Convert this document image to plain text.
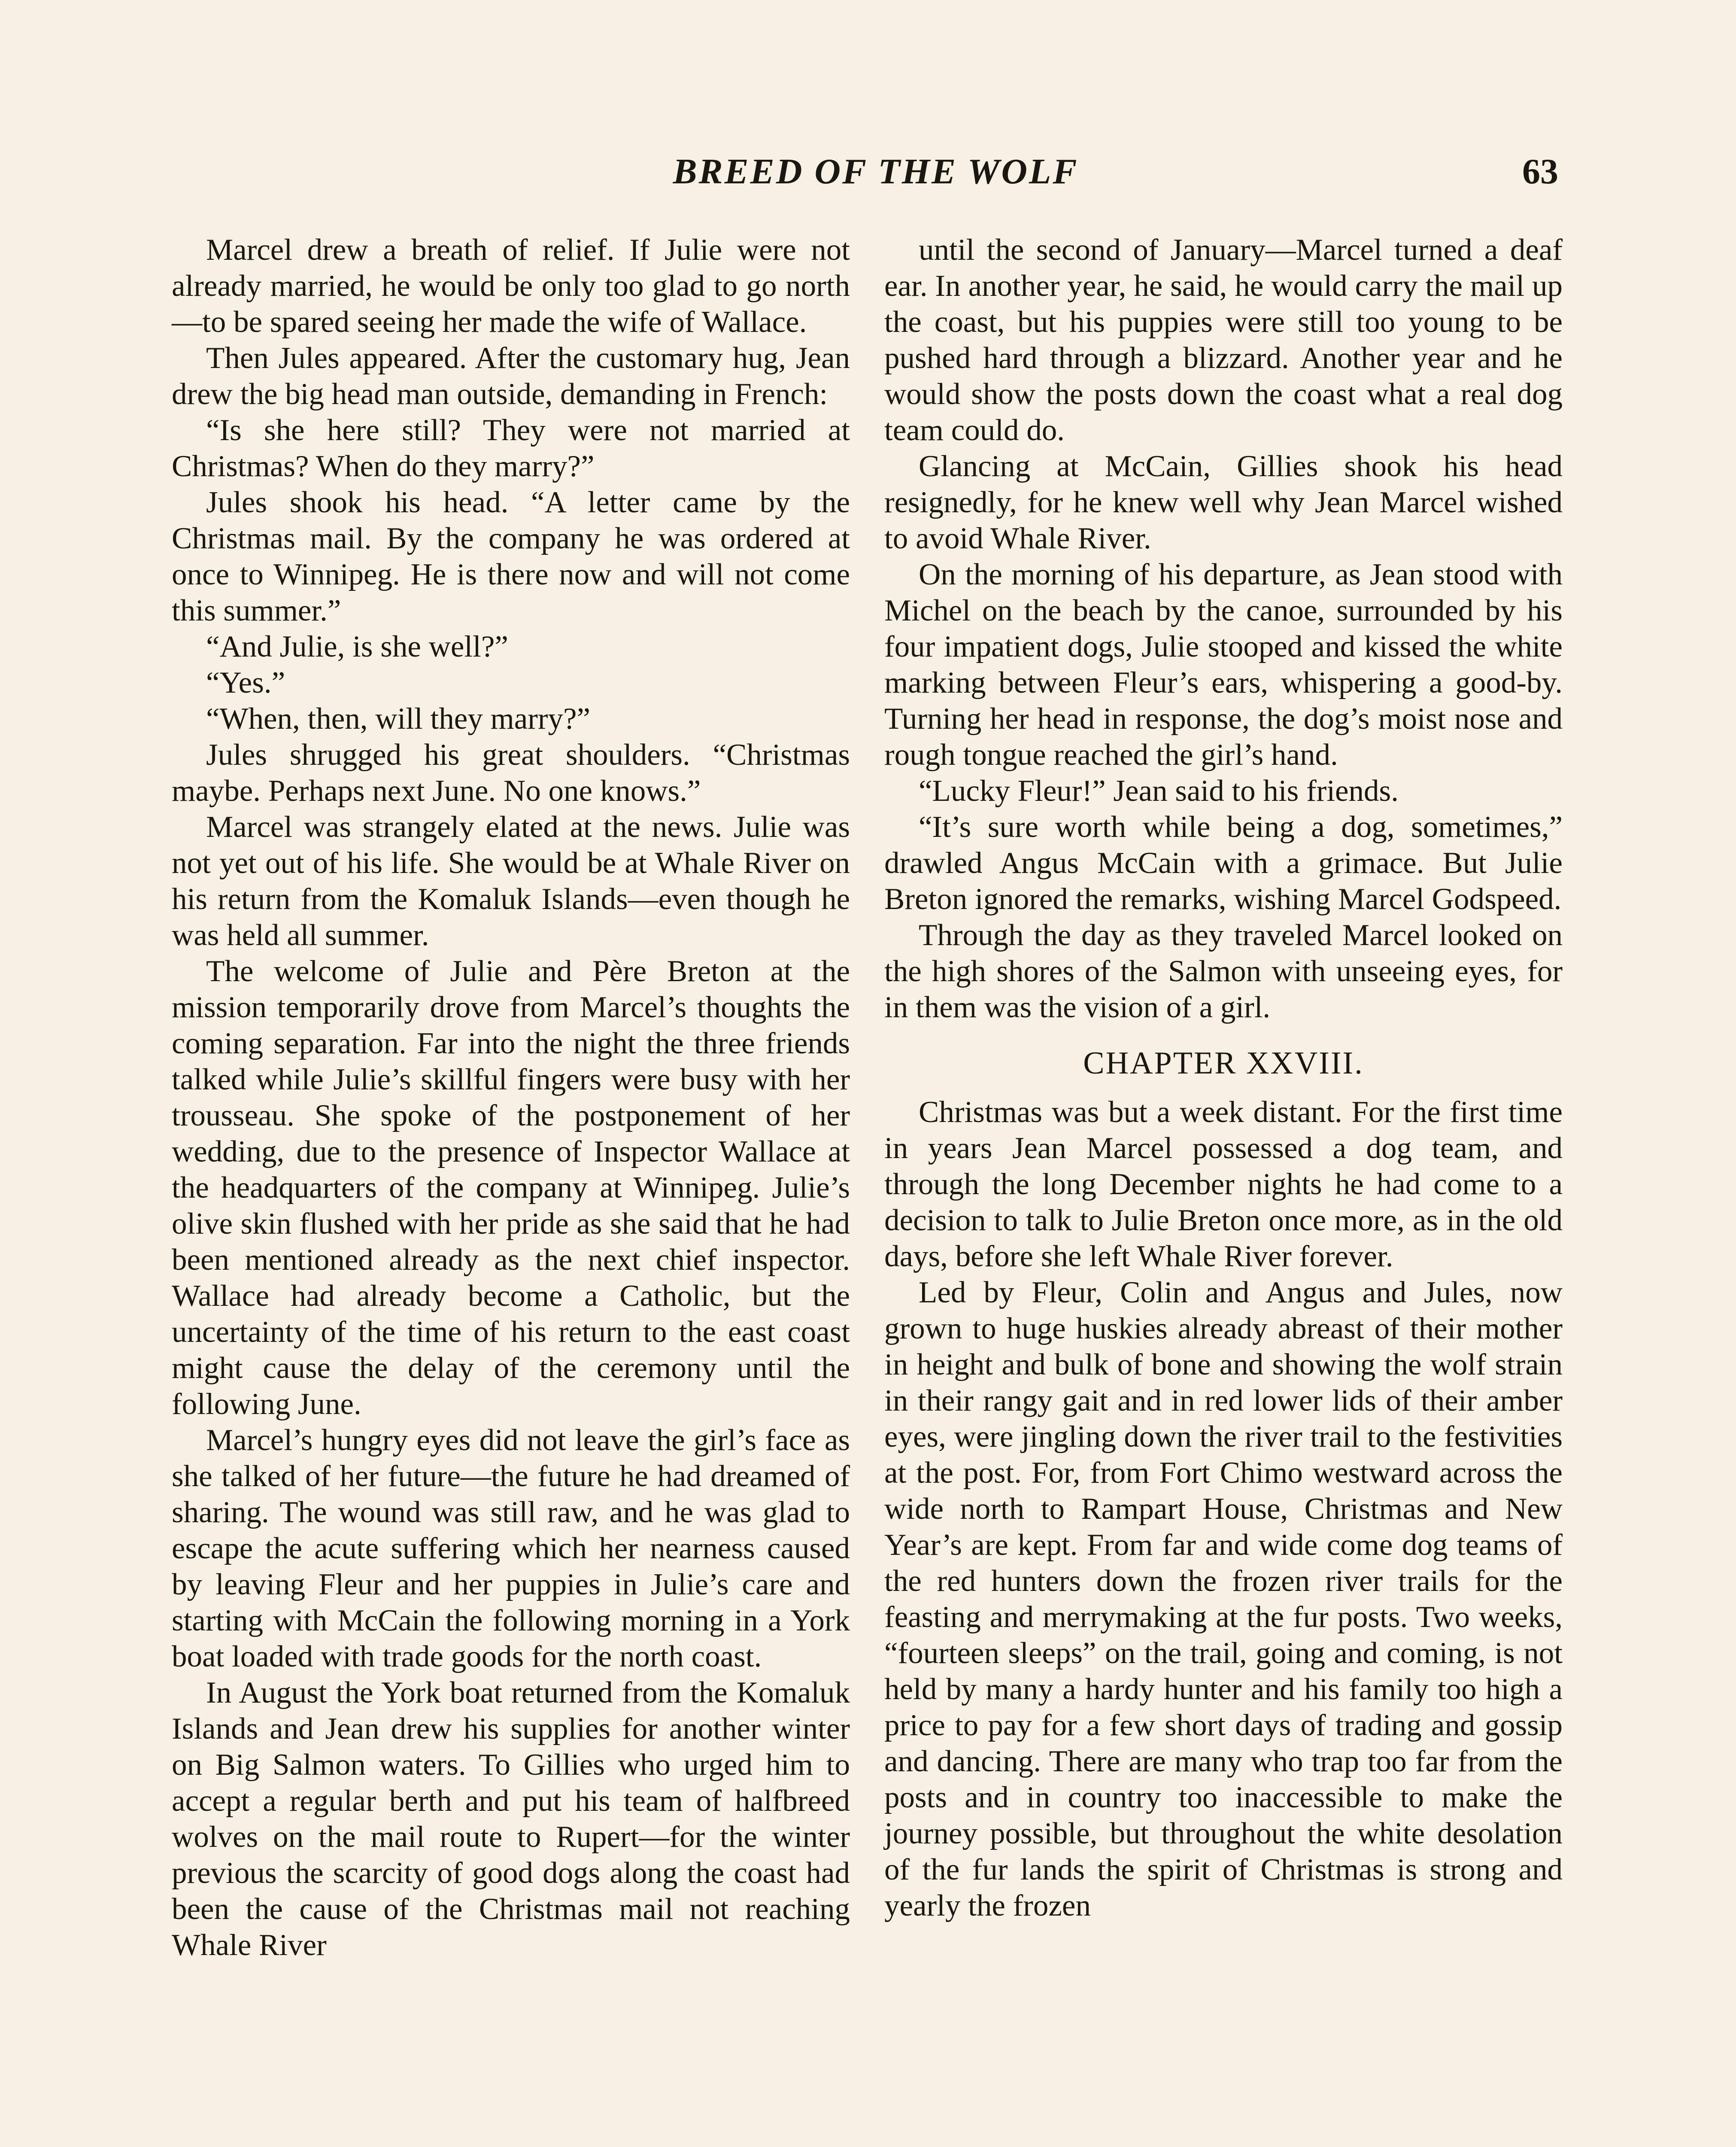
BREED OF THE WOLF	63

Marcel drew a breath of relief. If Julie were not already married, he would be only too glad to go north—to be spared seeing her made the wife of Wallace.

Then Jules appeared. After the customary hug, Jean drew the big head man outside, demanding in French:

“Is she here still? They were not married at Christmas? When do they marry?”

Jules shook his head. “A letter came by the Christmas mail. By the company he was ordered at once to Winnipeg. He is there now and will not come this summer.”

“And Julie, is she well?”

“Yes.”

“When, then, will they marry?”

Jules shrugged his great shoulders. “Christmas maybe. Perhaps next June. No one knows.”

Marcel was strangely elated at the news. Julie was not yet out of his life. She would be at Whale River on his return from the Komaluk Islands—even though he was held all summer.

The welcome of Julie and Père Breton at the mission temporarily drove from Marcel’s thoughts the coming separation. Far into the night the three friends talked while Julie’s skillful fingers were busy with her trousseau. She spoke of the postponement of her wedding, due to the presence of Inspector Wallace at the headquarters of the company at Winnipeg. Julie’s olive skin flushed with her pride as she said that he had been mentioned already as the next chief inspector. Wallace had already become a Catholic, but the uncertainty of the time of his return to the east coast might cause the delay of the ceremony until the following June.

Marcel’s hungry eyes did not leave the girl’s face as she talked of her future—the future he had dreamed of sharing. The wound was still raw, and he was glad to escape the acute suffering which her nearness caused by leaving Fleur and her puppies in Julie’s care and starting with McCain the following morning in a York boat loaded with trade goods for the north coast.

In August the York boat returned from the Komaluk Islands and Jean drew his supplies for another winter on Big Salmon waters. To Gillies who urged him to accept a regular berth and put his team of halfbreed wolves on the mail route to Rupert—for the winter previous the scarcity of good dogs along the coast had been the cause of the Christmas mail not reaching Whale River

until the second of January—Marcel turned a deaf ear. In another year, he said, he would carry the mail up the coast, but his puppies were still too young to be pushed hard through a blizzard. Another year and he would show the posts down the coast what a real dog team could do.

Glancing at McCain, Gillies shook his head resignedly, for he knew well why Jean Marcel wished to avoid Whale River.

On the morning of his departure, as Jean stood with Michel on the beach by the canoe, surrounded by his four impatient dogs, Julie stooped and kissed the white marking between Fleur’s ears, whispering a good-by. Turning her head in response, the dog’s moist nose and rough tongue reached the girl’s hand.

“Lucky Fleur!” Jean said to his friends.

“It’s sure worth while being a dog, sometimes,” drawled Angus McCain with a grimace. But Julie Breton ignored the remarks, wishing Marcel Godspeed.

Through the day as they traveled Marcel looked on the high shores of the Salmon with unseeing eyes, for in them was the vision of a girl.

CHAPTER XXVIII.

Christmas was but a week distant. For the first time in years Jean Marcel possessed a dog team, and through the long December nights he had come to a decision to talk to Julie Breton once more, as in the old days, before she left Whale River forever.

Led by Fleur, Colin and Angus and Jules, now grown to huge huskies already abreast of their mother in height and bulk of bone and showing the wolf strain in their rangy gait and in red lower lids of their amber eyes, were jingling down the river trail to the festivities at the post. For, from Fort Chimo westward across the wide north to Rampart House, Christmas and New Year’s are kept. From far and wide come dog teams of the red hunters down the frozen river trails for the feasting and merrymaking at the fur posts. Two weeks, “fourteen sleeps” on the trail, going and coming, is not held by many a hardy hunter and his family too high a price to pay for a few short days of trading and gossip and dancing. There are many who trap too far from the posts and in country too inaccessible to make the journey possible, but throughout the white desolation of the fur lands the spirit of Christmas is strong and yearly the frozen
